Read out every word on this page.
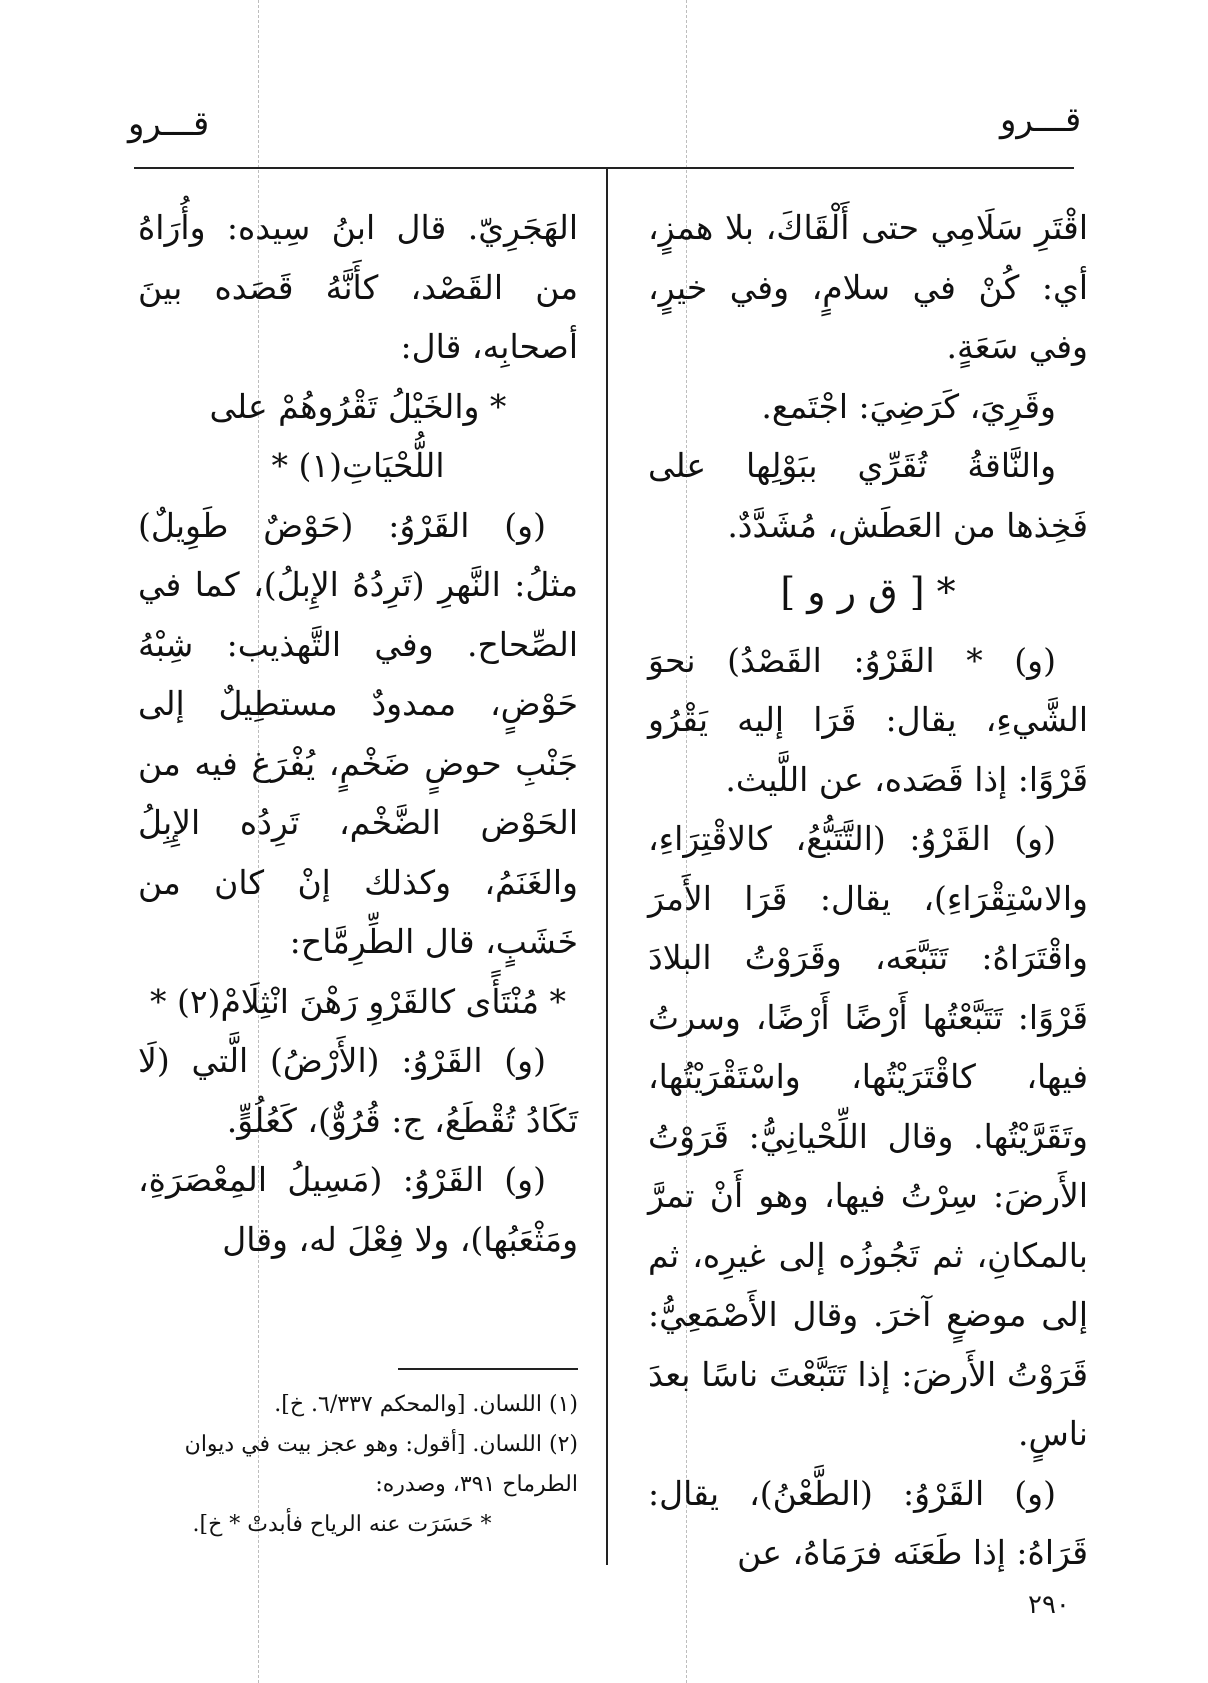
قـــرو
قـــرو

اقْتَرِ سَلَامِي حتى أَلْقَاكَ، بلا همزٍ، أي: كُنْ في سلامٍ، وفي خيرٍ، وفي سَعَةٍ.

وقَرِيَ، كَرَضِيَ: اجْتَمع.

والنَّاقةُ تُقَرِّي ببَوْلِها على فَخِذها من العَطَش، مُشَدَّدٌ.

* [ ق ر و ]

(و) * القَرْوُ: القَصْدُ) نحوَ الشَّيءِ، يقال: قَرَا إليه يَقْرُو قَرْوًا: إذا قَصَده، عن اللَّيث.

(و) القَرْوُ: (التَّتَبُّعُ، كالاقْتِرَاءِ، والاسْتِقْرَاءِ)، يقال: قَرَا الأَمرَ واقْتَرَاهُ: تَتَبَّعَه، وقَرَوْتُ البلادَ قَرْوًا: تَتَبَّعْتُها أَرْضًا أَرْضًا، وسرتُ فيها، كاقْتَرَيْتُها، واسْتَقْرَيْتُها، وتَقَرَّيْتُها. وقال اللِّحْيانِيُّ: قَرَوْتُ الأَرضَ: سِرْتُ فيها، وهو أَنْ تمرَّ بالمكانِ، ثم تَجُوزُه إلى غيرِه، ثم إلى موضعٍ آخرَ. وقال الأَصْمَعِيُّ: قَرَوْتُ الأَرضَ: إذا تَتَبَّعْتَ ناسًا بعدَ ناسٍ.

(و) القَرْوُ: (الطَّعْنُ)، يقال: قَرَاهُ: إذا طَعَنَه فرَمَاهُ، عن

الهَجَرِيّ. قال ابنُ سِيده: وأُرَاهُ من القَصْد، كأَنَّهُ قَصَده بينَ أصحابِه، قال:

* والخَيْلُ تَقْرُوهُمْ على اللُّحْيَاتِ(١) *

(و) القَرْوُ: (حَوْضٌ طَوِيلٌ) مثلُ: النَّهرِ (تَرِدُهُ الإِبلُ)، كما في الصِّحاح. وفي التَّهذيب: شِبْهُ حَوْضٍ، ممدودٌ مستطِيلٌ إلى جَنْبِ حوضٍ ضَخْمٍ، يُفْرَغ فيه من الحَوْض الضَّخْم، تَرِدُه الإِبِلُ والغَنَمُ، وكذلك إنْ كان من خَشَبٍ، قال الطِّرِمَّاح:

* مُنْتَأًى كالقَرْوِ رَهْنَ انْثِلَامْ(٢) *

(و) القَرْوُ: (الأَرْضُ) الَّتي (لَا تَكَادُ تُقْطَعُ، ج: قُرُوٌّ)، كَعُلُوٍّ.

(و) القَرْوُ: (مَسِيلُ المِعْصَرَةِ، ومَثْعَبُها)، ولا فِعْلَ له، وقال

(١) اللسان. [والمحكم ٦/٣٣٧. خ].

(٢) اللسان. [أقول: وهو عجز بيت في ديوان الطرماح ٣٩١، وصدره:

* حَسَرَت عنه الرياح فأبدتْ * خ].

٢٩٠
